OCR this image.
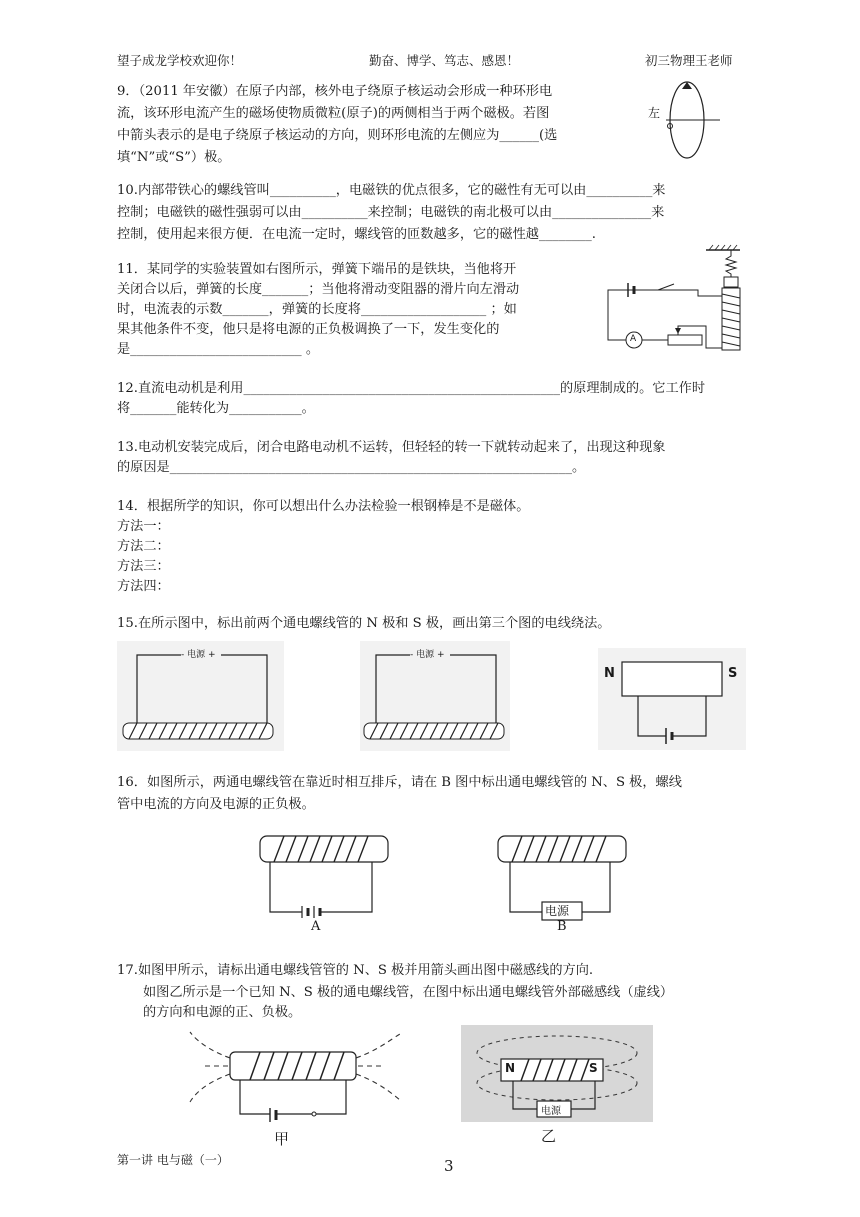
望子成龙学校欢迎你！	勤奋、博学、笃志、感恩！	初三物理王老师
9．（2011 年安徽）在原子内部，核外电子绕原子核运动会形成一种环形电
流，该环形电流产生的磁场使物质微粒(原子)的两侧相当于两个磁极。若图
中箭头表示的是电子绕原子核运动的方向，则环形电流的左侧应为______(选
填“N”或“S”）极。
左
10.内部带铁心的螺线管叫__________，电磁铁的优点很多，它的磁性有无可以由__________来
控制；电磁铁的磁性强弱可以由__________来控制；电磁铁的南北极可以由_______________来
控制，使用起来很方便．在电流一定时，螺线管的匝数越多，它的磁性越________.
11．某同学的实验装置如右图所示，弹簧下端吊的是铁块，当他将开
关闭合以后，弹簧的长度_______；当他将滑动变阻器的滑片向左滑动
时，电流表的示数_______，弹簧的长度将___________________ ；如
果其他条件不变，他只是将电源的正负极调换了一下，发生变化的
是__________________________ 。
A
12.直流电动机是利用________________________________________________的原理制成的。它工作时
将_______能转化为___________。
13.电动机安装完成后，闭合电路电动机不运转，但轻轻的转一下就转动起来了，出现这种现象
的原因是_____________________________________________________________。
14．根据所学的知识，你可以想出什么办法检验一根钢棒是不是磁体。
方法一：
方法二：
方法三：
方法四：
15.在所示图中，标出前两个通电螺线管的 N 极和 S 极，画出第三个图的电线绕法。
- 电源 +	- 电源 +
N	S
16．如图所示，两通电螺线管在靠近时相互排斥，请在 B 图中标出通电螺线管的 N、S 极，螺线
管中电流的方向及电源的正负极。
A
电源
B
17.如图甲所示，请标出通电螺线管管的 N、S 极并用箭头画出图中磁感线的方向.
如图乙所示是一个已知 N、S 极的通电螺线管，在图中标出通电螺线管外部磁感线（虚线）
的方向和电源的正、负极。
甲
N	S
电源
乙
第一讲 电与磁（一）	3
